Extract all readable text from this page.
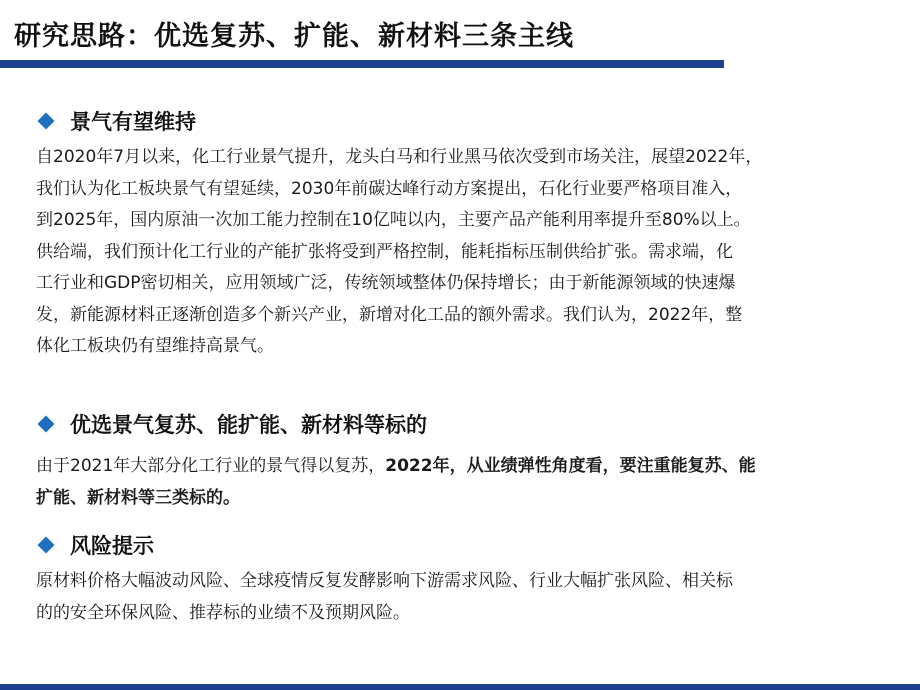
研究思路：优选复苏、扩能、新材料三条主线
景气有望维持
自2020年7月以来，化工行业景气提升，龙头白马和行业黑马依次受到市场关注，展望2022年，
我们认为化工板块景气有望延续，2030年前碳达峰行动方案提出，石化行业要严格项目准入，
到2025年，国内原油一次加工能力控制在10亿吨以内，主要产品产能利用率提升至80%以上。
供给端，我们预计化工行业的产能扩张将受到严格控制，能耗指标压制供给扩张。需求端，化
工行业和GDP密切相关，应用领域广泛，传统领域整体仍保持增长；由于新能源领域的快速爆
发，新能源材料正逐渐创造多个新兴产业，新增对化工品的额外需求。我们认为，2022年，整
体化工板块仍有望维持高景气。
优选景气复苏、能扩能、新材料等标的
由于2021年大部分化工行业的景气得以复苏，2022年，从业绩弹性角度看，要注重能复苏、能
扩能、新材料等三类标的。
风险提示
原材料价格大幅波动风险、全球疫情反复发酵影响下游需求风险、行业大幅扩张风险、相关标
的的安全环保风险、推荐标的业绩不及预期风险。
